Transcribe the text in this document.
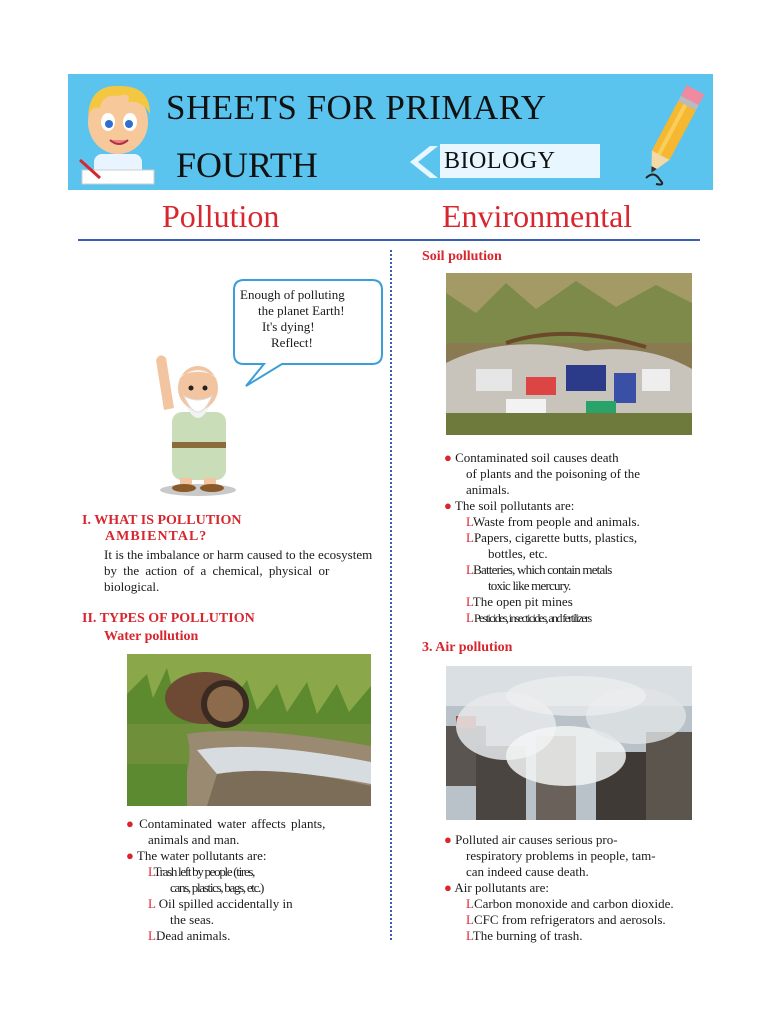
SHEETS FOR PRIMARY
FOURTH	BIOLOGY
Pollution	Environmental
Enough of polluting
the planet Earth!
It's dying!
Reflect!
I. WHAT IS POLLUTION
AMBIENTAL?
It is the imbalance or harm caused to the ecosystem
by the action of a chemical, physical or
biological.
II. TYPES OF POLLUTION
Water pollution
● Contaminated water affects plants,
animals and man.
● The water pollutants are:
LTrash left by people (tires,
cans, plastics, bags, etc.)
L Oil spilled accidentally in
the seas.
LDead animals.
Soil pollution
● Contaminated soil causes death
of plants and the poisoning of the
animals.
● The soil pollutants are:
LWaste from people and animals.
LPapers, cigarette butts, plastics,
bottles, etc.
LBatteries, which contain metals
toxic like mercury.
LThe open pit mines
LPesticides, insecticides, and fertilizers
3. Air pollution
● Polluted air causes serious pro-
respiratory problems in people, tam-
can indeed cause death.
● Air pollutants are:
LCarbon monoxide and carbon dioxide.
LCFC from refrigerators and aerosols.
LThe burning of trash.
